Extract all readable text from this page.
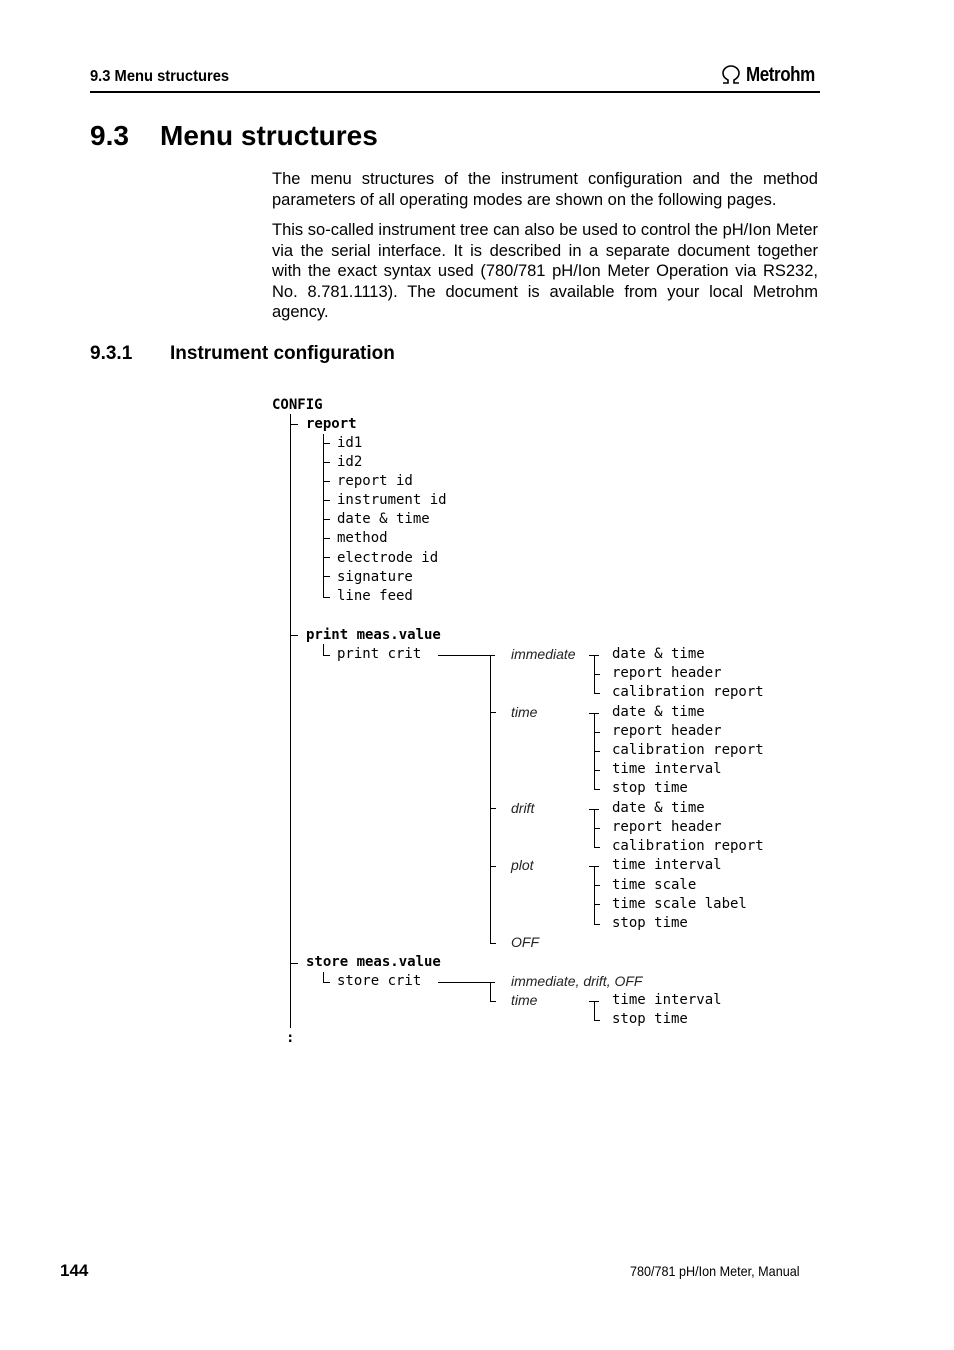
9.3 Menu structures	Metrohm
9.3 Menu structures
The menu structures of the instrument configuration and the method parameters of all operating modes are shown on the following pages.
This so-called instrument tree can also be used to control the pH/Ion Meter via the serial interface. It is described in a separate document together with the exact syntax used (780/781 pH/Ion Meter Operation via RS232, No. 8.781.1113). The document is available from your local Metrohm agency.
9.3.1 Instrument configuration
CONFIG
report
id1
id2
report id
instrument id
date & time
method
electrode id
signature
line feed
print meas.value
print crit	immediate	date & time
report header
calibration report
time	date & time
report header
calibration report
time interval
stop time
drift	date & time
report header
calibration report
plot	time interval
time scale
time scale label
stop time
OFF
store meas.value
store crit	immediate, drift, OFF
time	time interval
stop time
:
144	780/781 pH/Ion Meter, Manual
